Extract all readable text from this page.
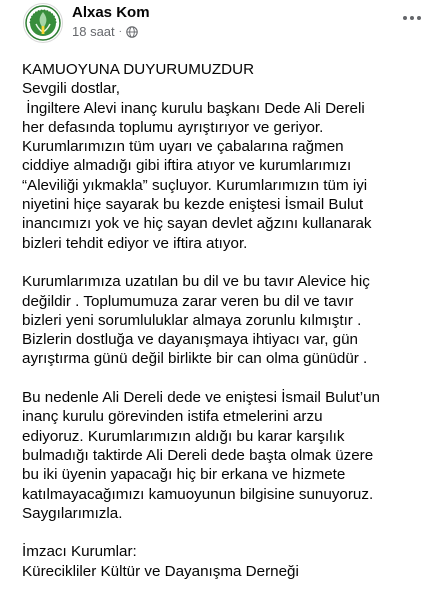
Alxas Kom
18 saat ·
KAMUOYUNA DUYURUMUZDUR
Sevgili dostlar,
İngiltere Alevi inanç kurulu başkanı Dede Ali Dereli
her defasında toplumu ayrıştırıyor ve geriyor.
Kurumlarımızın tüm uyarı ve çabalarına rağmen
ciddiye almadığı gibi iftira atıyor ve kurumlarımızı
“Aleviliği yıkmakla” suçluyor. Kurumlarımızın tüm iyi
niyetini hiçe sayarak bu kezde eniştesi İsmail Bulut
inancımızı yok ve hiç sayan devlet ağzını kullanarak
bizleri tehdit ediyor ve iftira atıyor.
Kurumlarımıza uzatılan bu dil ve bu tavır Alevice hiç
değildir . Toplumumuza zarar veren bu dil ve tavır
bizleri yeni sorumluluklar almaya zorunlu kılmıştır .
Bizlerin dostluğa ve dayanışmaya ihtiyacı var, gün
ayrıştırma günü değil birlikte bir can olma günüdür .
Bu nedenle Ali Dereli dede ve eniştesi İsmail Bulut’un
inanç kurulu görevinden istifa etmelerini arzu
ediyoruz. Kurumlarımızın aldığı bu karar karşılık
bulmadığı taktirde Ali Dereli dede başta olmak üzere
bu iki üyenin yapacağı hiç bir erkana ve hizmete
katılmayacağımızı kamuoyunun bilgisine sunuyoruz.
Saygılarımızla.
İmzacı Kurumlar:
Kürecikliler Kültür ve Dayanışma Derneği
